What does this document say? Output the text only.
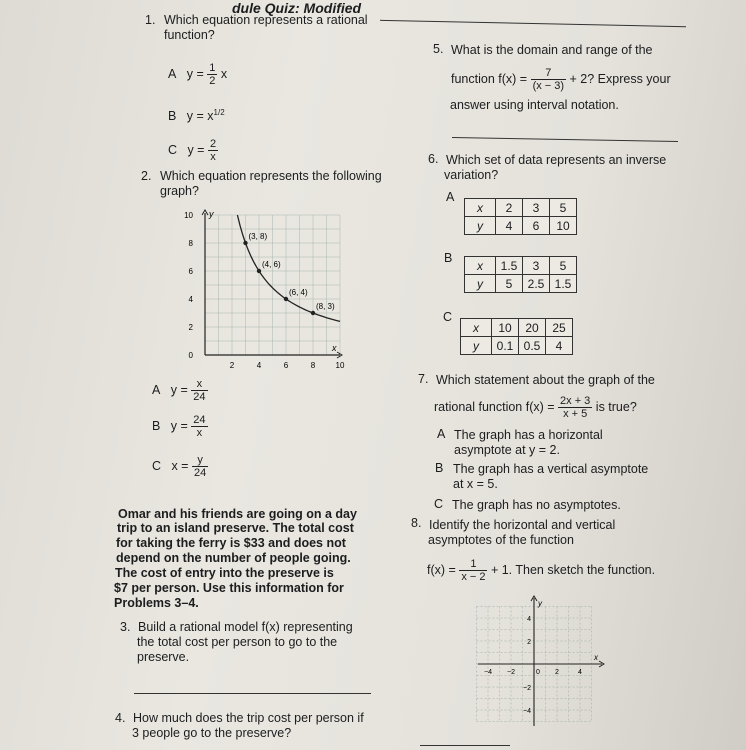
dule Quiz: Modified
1. Which equation represents a rational
function?
A $y = \frac{1}{2}$ x
B $y = x^{1/2}$
C $y = \frac{2}{x}$
2. Which equation represents the following
graph?
y
x
10
8
6
4
2
0
2	4	6	8	10
(3, 8)
(4, 6)
(6, 4)
(8, 3)
A $y = \frac{x}{24}$
B $y = \frac{24}{x}$
C $x = \frac{y}{24}$
Omar and his friends are going on a day
trip to an island preserve. The total cost
for taking the ferry is $33 and does not
depend on the number of people going.
The cost of entry into the preserve is
$7 per person. Use this information for
Problems 3–4.
3. Build a rational model f(x) representing
the total cost per person to go to the
preserve.
4. How much does the trip cost per person if
3 people go to the preserve?
5. What is the domain and range of the
function $f(x) = \frac{7}{(x - 3)} + 2$? Express your
answer using interval notation.
6. Which set of data represents an inverse
variation?
A
x	2	3	5
y	4	6	10
B
x	1.5	3	5
y	5	2.5	1.5
C
x	10	20	25
y	0.1	0.5	4
7. Which statement about the graph of the
rational function $f(x) = \frac{2x + 3}{x + 5}$ is true?
A The graph has a horizontal
asymptote at y = 2.
B The graph has a vertical asymptote
at x = 5.
C The graph has no asymptotes.
8. Identify the horizontal and vertical
asymptotes of the function
$f(x) = \frac{1}{x - 2} + 1$. Then sketch the function.
y
x
4
2
−2
−4
−4 −2	0 2	4
